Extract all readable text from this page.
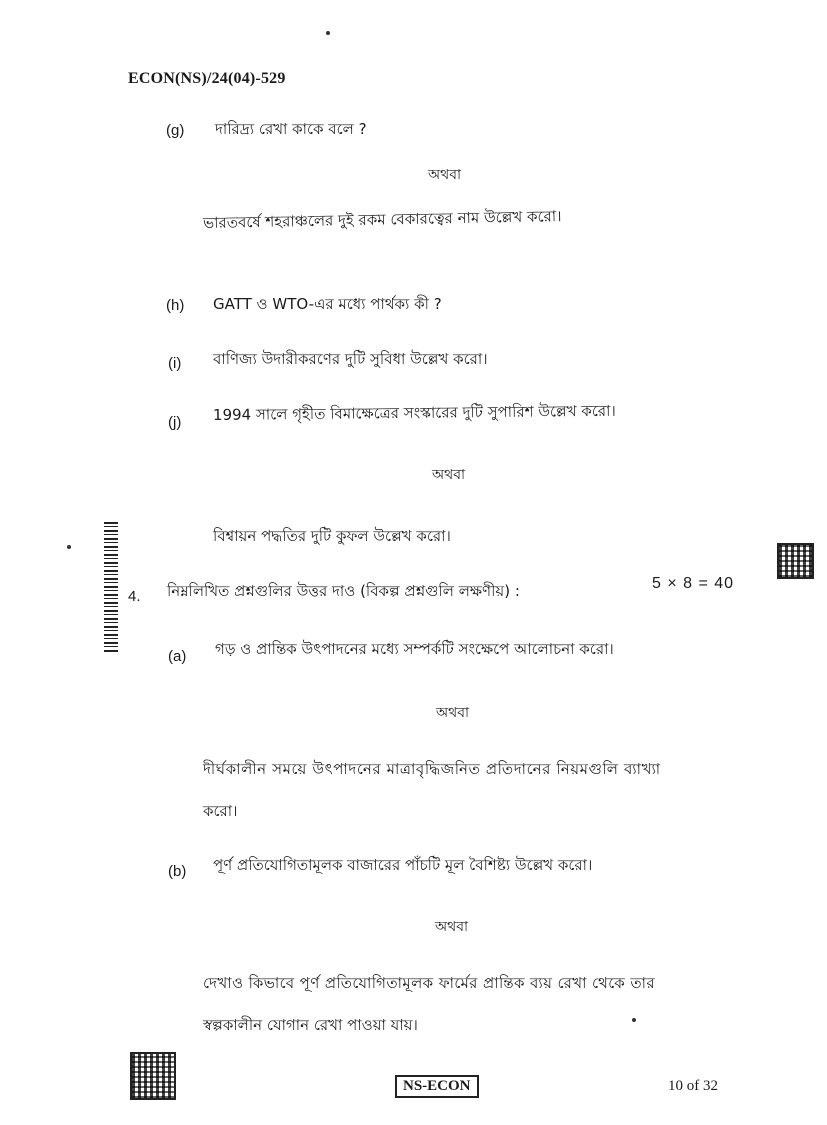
ECON(NS)/24(04)-529
(g) দারিদ্র্য রেখা কাকে বলে ?
অথবা
ভারতবর্ষে শহরাঞ্চলের দুই রকম বেকারত্বের নাম উল্লেখ করো।
(h) GATT ও WTO-এর মধ্যে পার্থক্য কী ?
(i) বাণিজ্য উদারীকরণের দুটি সুবিধা উল্লেখ করো।
(j) 1994 সালে গৃহীত বিমাক্ষেত্রের সংস্কারের দুটি সুপারিশ উল্লেখ করো।
অথবা
বিশ্বায়ন পদ্ধতির দুটি কুফল উল্লেখ করো।
4. নিম্নলিখিত প্রশ্নগুলির উত্তর দাও (বিকল্প প্রশ্নগুলি লক্ষণীয়) :	5 × 8 = 40
(a) গড় ও প্রান্তিক উৎপাদনের মধ্যে সম্পর্কটি সংক্ষেপে আলোচনা করো।
অথবা
দীর্ঘকালীন সময়ে উৎপাদনের মাত্রাবৃদ্ধিজনিত প্রতিদানের নিয়মগুলি ব্যাখ্যা
করো।
(b) পূর্ণ প্রতিযোগিতামূলক বাজারের পাঁচটি মূল বৈশিষ্ট্য উল্লেখ করো।
অথবা
দেখাও কিভাবে পূর্ণ প্রতিযোগিতামূলক ফার্মের প্রান্তিক ব্যয় রেখা থেকে তার
স্বল্পকালীন যোগান রেখা পাওয়া যায়।
NS-ECON	10 of 32
